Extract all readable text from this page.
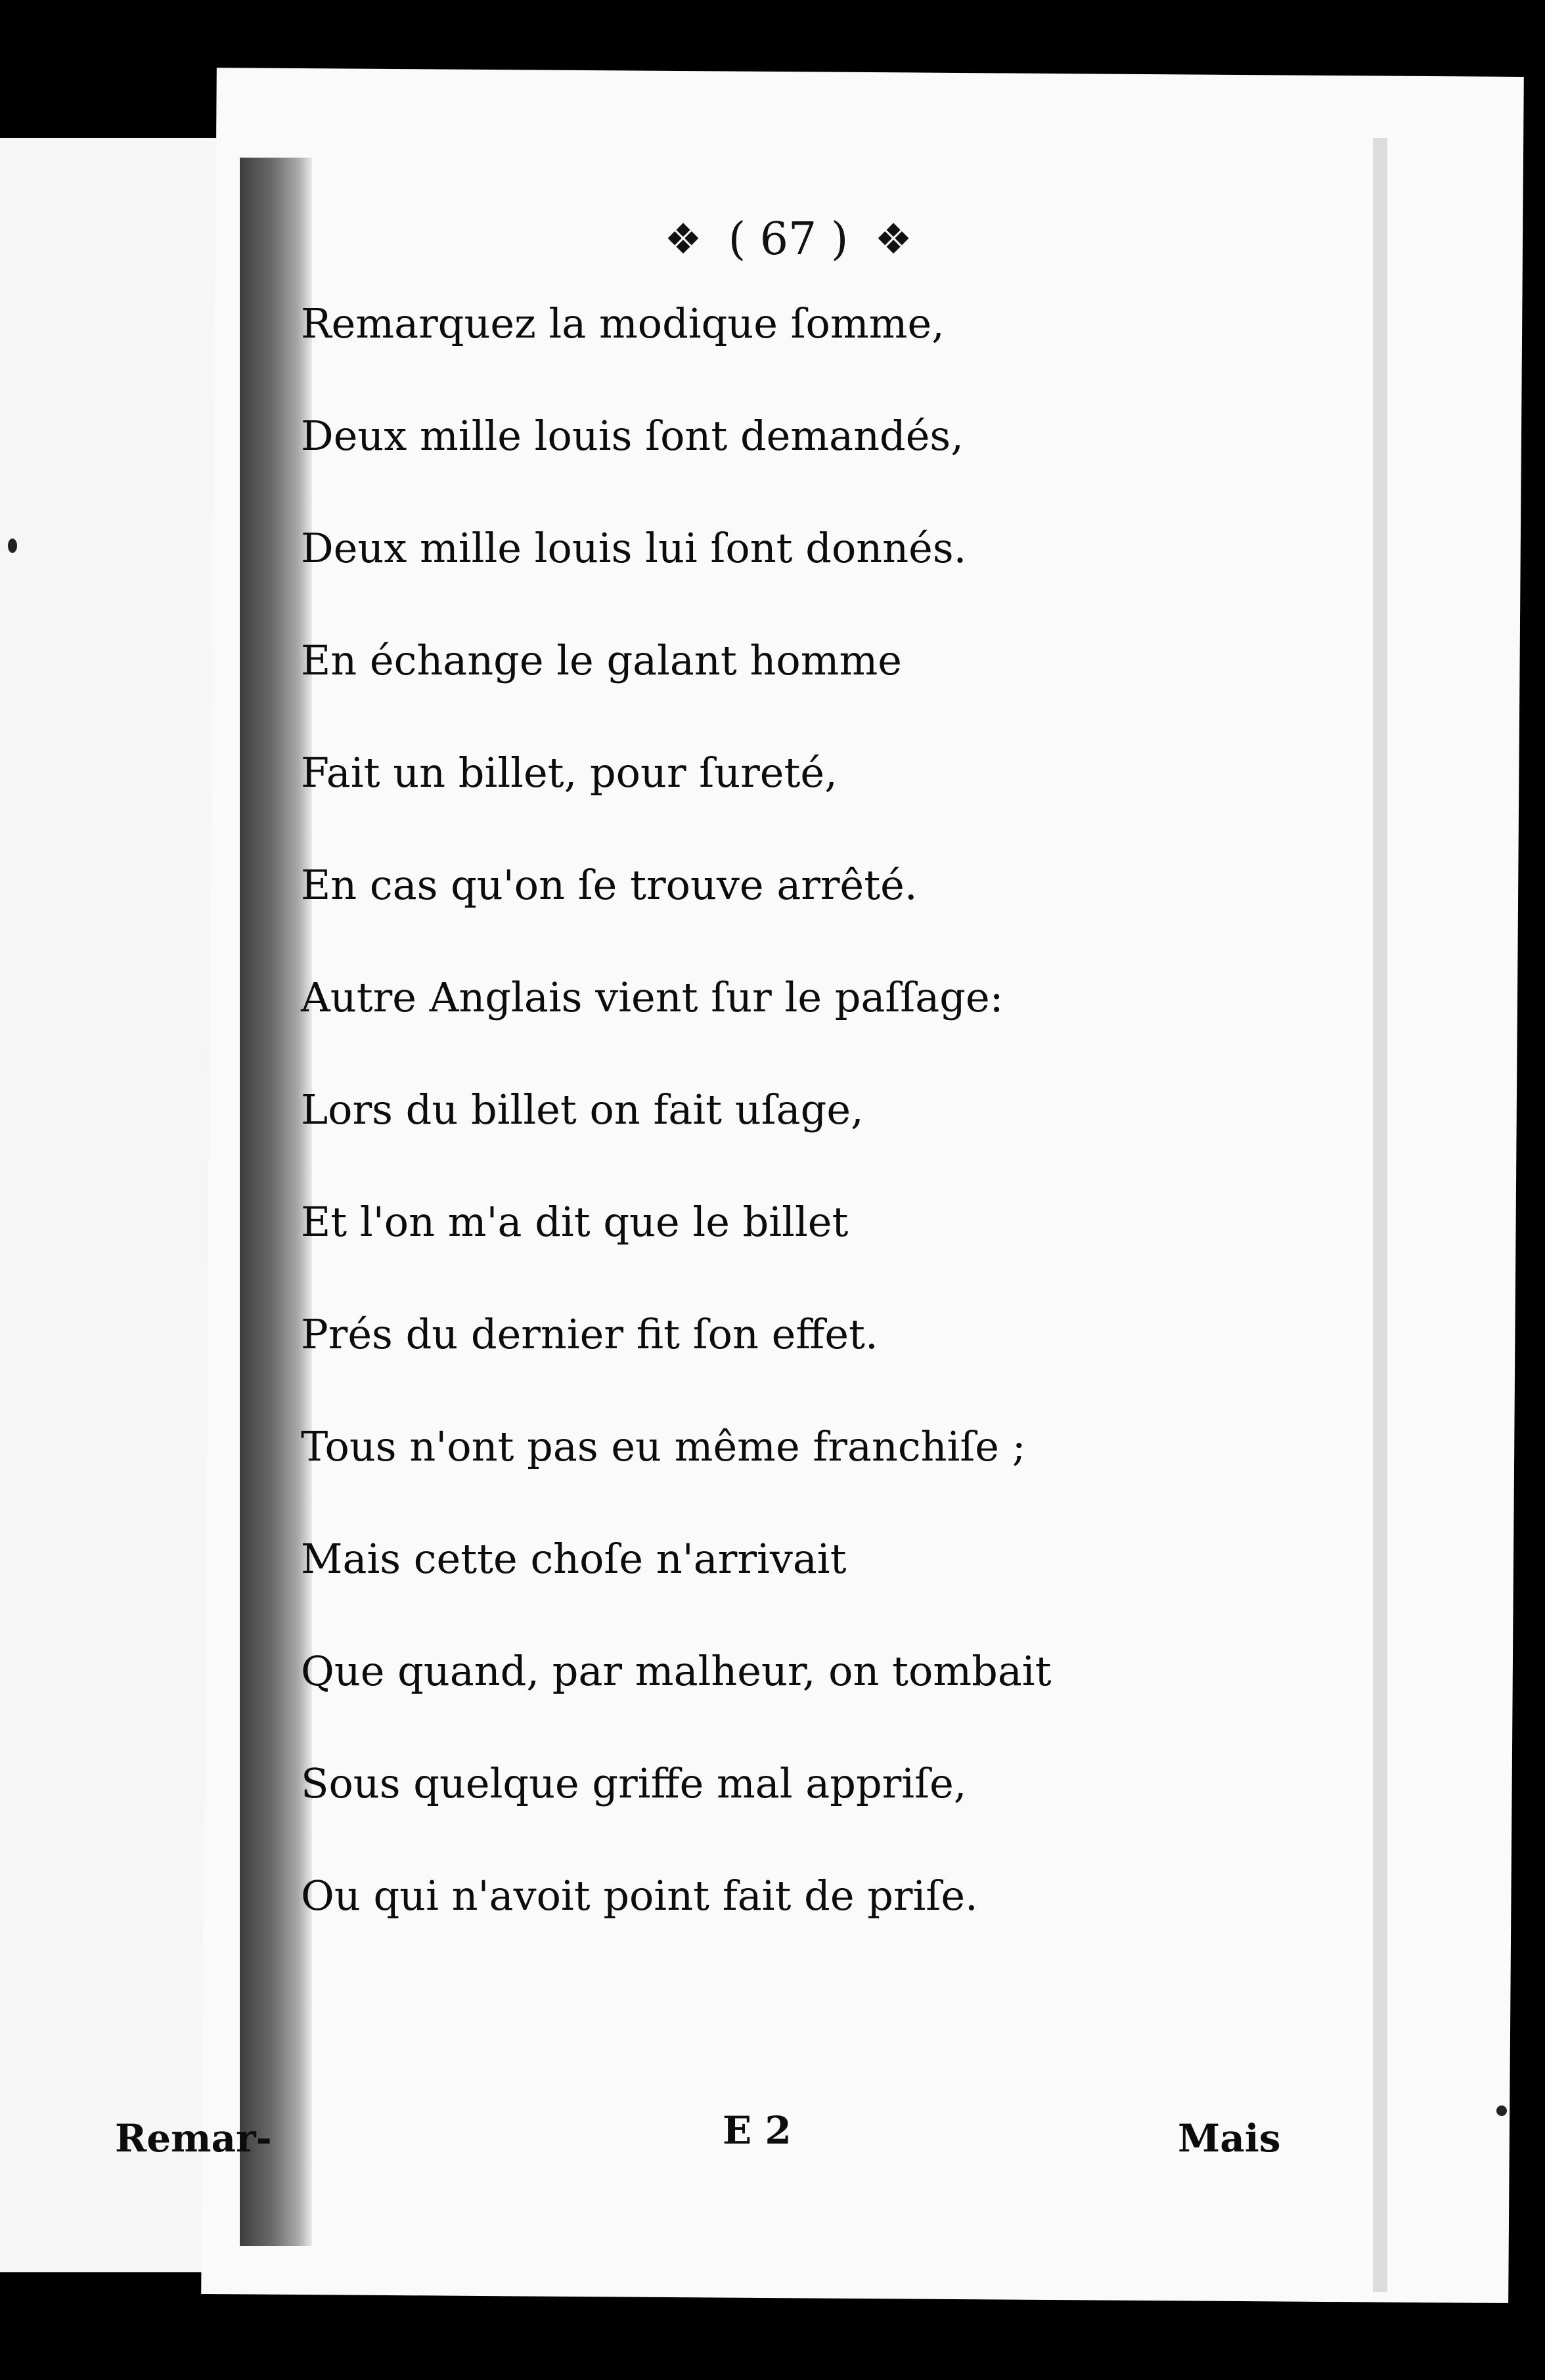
❖ ( 67 ) ❖
Remarquez la modique ſomme,
Deux mille louis ſont demandés,
Deux mille louis lui ſont donnés.
En échange le galant homme
Fait un billet, pour ſureté,
En cas qu'on ſe trouve arrêté.
Autre Anglais vient ſur le paſſage:
Lors du billet on fait uſage,
Et l'on m'a dit que le billet
Prés du dernier fit ſon effet.
Tous n'ont pas eu même franchiſe ;
Mais cette choſe n'arrivait
Que quand, par malheur, on tombait
Sous quelque griffe mal appriſe,
Ou qui n'avoit point fait de priſe.
Remar-	E 2	Mais
